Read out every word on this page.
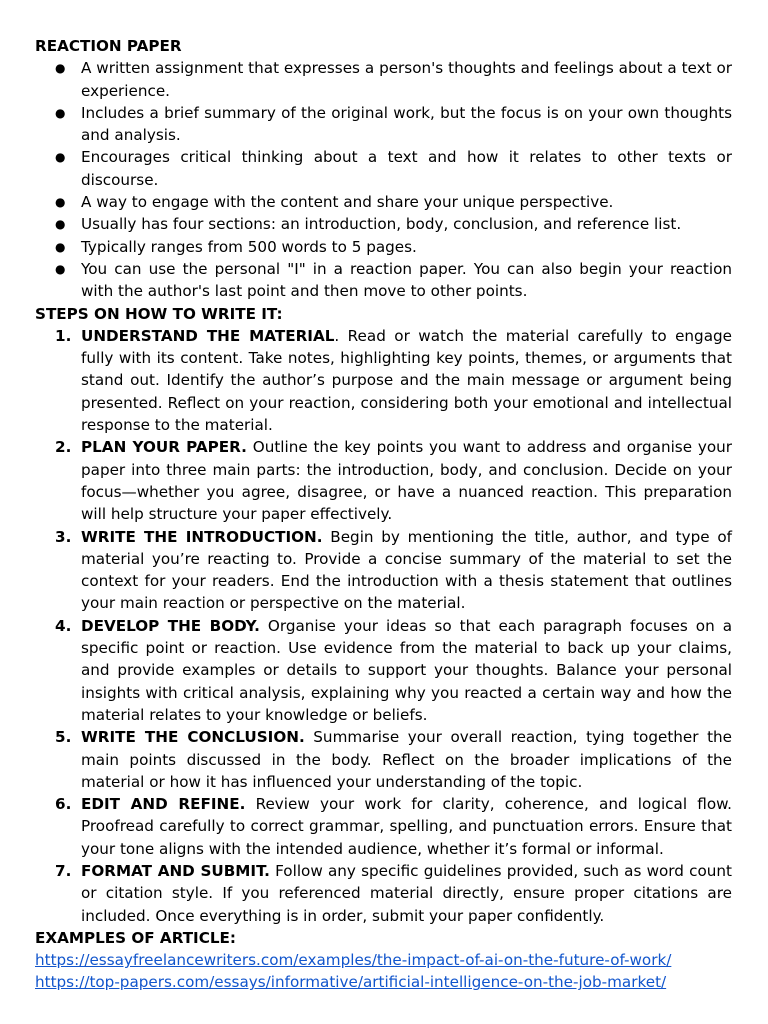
REACTION PAPER
● A written assignment that expresses a person's thoughts and feelings about a text or experience.
● Includes a brief summary of the original work, but the focus is on your own thoughts and analysis.
● Encourages critical thinking about a text and how it relates to other texts or discourse.
● A way to engage with the content and share your unique perspective.
● Usually has four sections: an introduction, body, conclusion, and reference list.
● Typically ranges from 500 words to 5 pages.
● You can use the personal "I" in a reaction paper. You can also begin your reaction with the author's last point and then move to other points.
STEPS ON HOW TO WRITE IT:
1. UNDERSTAND THE MATERIAL. Read or watch the material carefully to engage fully with its content. Take notes, highlighting key points, themes, or arguments that stand out. Identify the author’s purpose and the main message or argument being presented. Reflect on your reaction, considering both your emotional and intellectual response to the material.
2. PLAN YOUR PAPER. Outline the key points you want to address and organise your paper into three main parts: the introduction, body, and conclusion. Decide on your focus—whether you agree, disagree, or have a nuanced reaction. This preparation will help structure your paper effectively.
3. WRITE THE INTRODUCTION. Begin by mentioning the title, author, and type of material you’re reacting to. Provide a concise summary of the material to set the context for your readers. End the introduction with a thesis statement that outlines your main reaction or perspective on the material.
4. DEVELOP THE BODY. Organise your ideas so that each paragraph focuses on a specific point or reaction. Use evidence from the material to back up your claims, and provide examples or details to support your thoughts. Balance your personal insights with critical analysis, explaining why you reacted a certain way and how the material relates to your knowledge or beliefs.
5. WRITE THE CONCLUSION. Summarise your overall reaction, tying together the main points discussed in the body. Reflect on the broader implications of the material or how it has influenced your understanding of the topic.
6. EDIT AND REFINE. Review your work for clarity, coherence, and logical flow. Proofread carefully to correct grammar, spelling, and punctuation errors. Ensure that your tone aligns with the intended audience, whether it’s formal or informal.
7. FORMAT AND SUBMIT. Follow any specific guidelines provided, such as word count or citation style. If you referenced material directly, ensure proper citations are included. Once everything is in order, submit your paper confidently.
EXAMPLES OF ARTICLE:
https://essayfreelancewriters.com/examples/the-impact-of-ai-on-the-future-of-work/
https://top-papers.com/essays/informative/artificial-intelligence-on-the-job-market/
